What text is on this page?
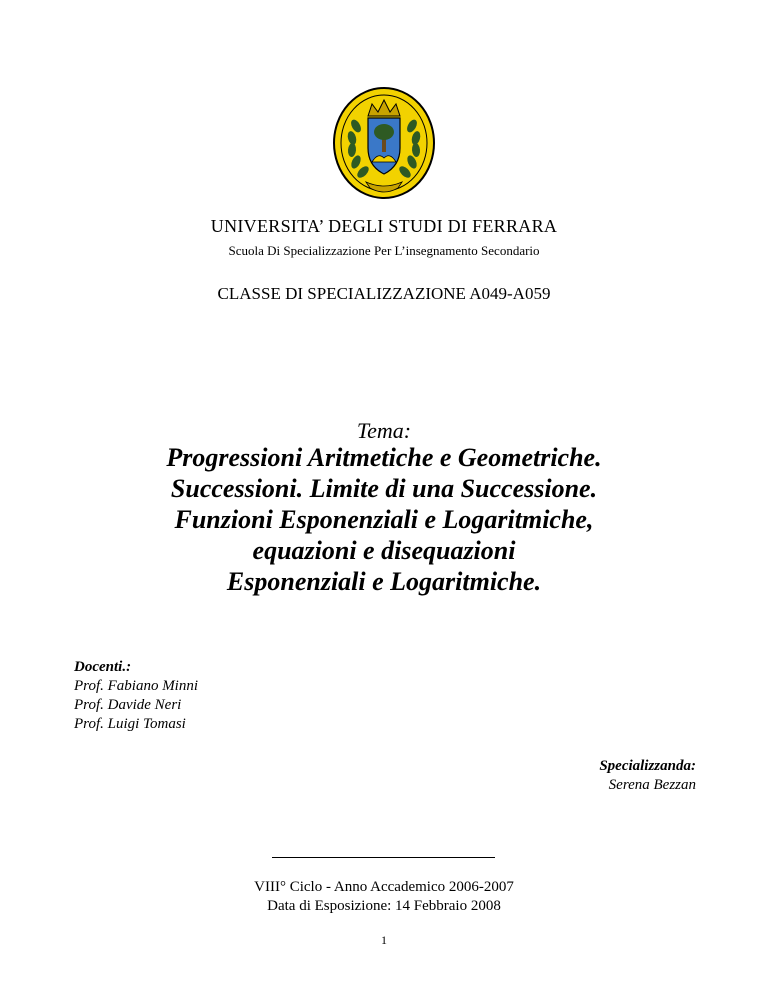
UNIVERSITA’ DEGLI STUDI DI FERRARA
Scuola Di Specializzazione Per L’insegnamento Secondario
CLASSE DI SPECIALIZZAZIONE A049-A059
Tema:
Progressioni Aritmetiche e Geometriche.
Successioni. Limite di una Successione.
Funzioni Esponenziali e Logaritmiche,
equazioni e disequazioni
Esponenziali e Logaritmiche.
Docenti.:
Prof. Fabiano Minni
Prof. Davide Neri
Prof. Luigi Tomasi
Specializzanda:
Serena Bezzan
VIII° Ciclo - Anno Accademico 2006-2007
Data di Esposizione: 14 Febbraio 2008
1
